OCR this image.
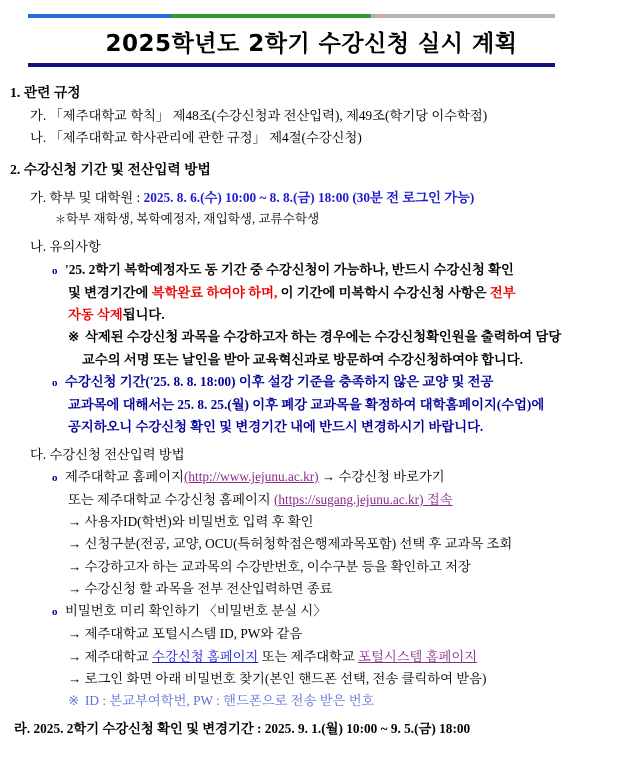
2025학년도 2학기 수강신청 실시 계획
1. 관련 규정
가. 「제주대학교 학칙」 제48조(수강신청과 전산입력), 제49조(학기당 이수학점)
나. 「제주대학교 학사관리에 관한 규정」 제4절(수강신청)
2. 수강신청 기간 및 전산입력 방법
가. 학부 및 대학원 : 2025. 8. 6.(수) 10:00 ~ 8. 8.(금) 18:00 (30분 전 로그인 가능)
＊학부 재학생, 복학예정자, 재입학생, 교류수학생
나. 유의사항
o '25. 2학기 복학예정자도 동 기간 중 수강신청이 가능하나, 반드시 수강신청 확인
및 변경기간에 복학완료 하여야 하며, 이 기간에 미복학시 수강신청 사항은 전부
자동 삭제됩니다.
※ 삭제된 수강신청 과목을 수강하고자 하는 경우에는 수강신청확인원을 출력하여 담당
교수의 서명 또는 날인을 받아 교육혁신과로 방문하여 수강신청하여야 합니다.
o 수강신청 기간('25. 8. 8. 18:00) 이후 설강 기준을 충족하지 않은 교양 및 전공
교과목에 대해서는 25. 8. 25.(월) 이후 폐강 교과목을 확정하여 대학홈페이지(수업)에
공지하오니 수강신청 확인 및 변경기간 내에 반드시 변경하시기 바랍니다.
다. 수강신청 전산입력 방법
o 제주대학교 홈페이지(http://www.jejunu.ac.kr) → 수강신청 바로가기
또는 제주대학교 수강신청 홈페이지 (https://sugang.jejunu.ac.kr) 접속
→ 사용자ID(학번)와 비밀번호 입력 후 확인
→ 신청구분(전공, 교양, OCU(특허청학점은행제과목포함) 선택 후 교과목 조회
→ 수강하고자 하는 교과목의 수강반번호, 이수구분 등을 확인하고 저장
→ 수강신청 할 과목을 전부 전산입력하면 종료
o 비밀번호 미리 확인하기 〈비밀번호 분실 시〉
→ 제주대학교 포털시스템 ID, PW와 같음
→ 제주대학교 수강신청 홈페이지 또는 제주대학교 포털시스템 홈페이지
→ 로그인 화면 아래 비밀번호 찾기(본인 핸드폰 선택, 전송 클릭하여 받음)
※ ID : 본교부여학번, PW : 핸드폰으로 전송 받은 번호
라. 2025. 2학기 수강신청 확인 및 변경기간 : 2025. 9. 1.(월) 10:00 ~ 9. 5.(금) 18:00
